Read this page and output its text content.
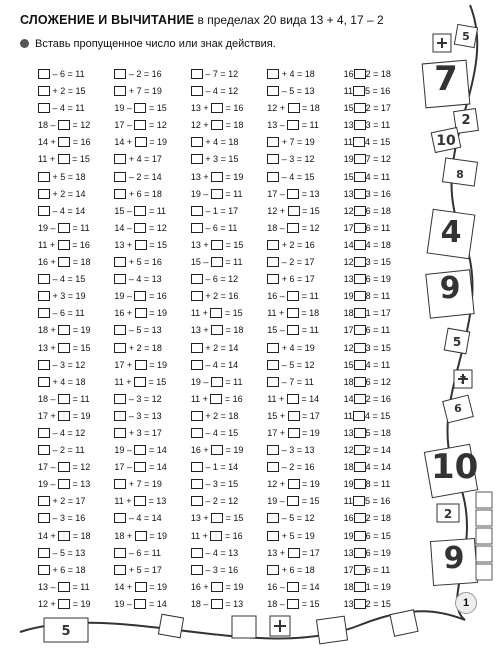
СЛОЖЕНИЕ И ВЫЧИТАНИЕ в пределах 20 вида 13 + 4, 17 – 2
Вставь пропущенное число или знак действия.
– 6 = 11
+ 2 = 15
– 4 = 11
18 –  = 12
14 +  = 16
11 +  = 15
+ 5 = 18
+ 2 = 14
– 4 = 14
19 –  = 11
11 +  = 16
16 +  = 18
– 4 = 15
+ 3 = 19
– 6 = 11
18 +  = 19
13 +  = 15
– 3 = 12
+ 4 = 18
18 –  = 11
17 +  = 19
– 4 = 12
– 2 = 11
17 –  = 12
19 –  = 13
+ 2 = 17
– 3 = 16
14 +  = 18
– 5 = 13
+ 6 = 18
13 –  = 11
12 +  = 19
– 2 = 16
+ 7 = 19
19 –  = 15
17 –  = 12
14 +  = 19
+ 4 = 17
– 2 = 14
+ 6 = 18
15 –  = 11
14 –  = 12
13 +  = 15
+ 5 = 16
– 4 = 13
19 –  = 16
16 +  = 19
– 5 = 13
+ 2 = 18
17 +  = 19
11 +  = 15
– 3 = 12
– 3 = 13
+ 3 = 17
19 –  = 14
17 –  = 14
+ 7 = 19
11 +  = 13
– 4 = 14
18 +  = 19
– 6 = 11
+ 5 = 17
14 +  = 19
19 –  = 14
– 7 = 12
– 4 = 12
13 +  = 16
12 +  = 18
+ 4 = 18
+ 3 = 15
13 +  = 19
19 –  = 11
– 1 = 17
– 6 = 11
13 +  = 15
15 –  = 11
– 6 = 12
+ 2 = 16
11 +  = 15
13 +  = 18
+ 2 = 14
– 4 = 14
19 –  = 11
11 +  = 16
+ 2 = 18
– 4 = 15
16 +  = 19
– 1 = 14
– 3 = 15
– 2 = 12
13 +  = 15
11 +  = 16
– 4 = 13
– 3 = 16
16 +  = 19
18 –  = 13
+ 4 = 18
– 5 = 13
12 +  = 18
13 –  = 11
+ 7 = 19
– 3 = 12
– 4 = 15
17 –  = 13
12 +  = 15
18 –  = 12
+ 2 = 16
– 2 = 17
+ 6 = 17
16 –  = 11
11 +  = 18
15 –  = 11
+ 4 = 19
– 5 = 12
– 7 = 11
11 +  = 14
15 +  = 17
17 +  = 19
– 3 = 13
– 2 = 16
12 +  = 19
19 –  = 15
– 5 = 12
+ 5 = 19
13 +  = 17
+ 6 = 18
16 –  = 14
18 –  = 15
16 2 = 18
11 5 = 16
15 2 = 17
13 3 = 11
11 4 = 15
19 7 = 12
15 4 = 11
13 3 = 16
12 6 = 18
17 6 = 11
14 4 = 18
12 3 = 15
13 6 = 19
19 8 = 11
18 1 = 17
17 6 = 11
12 3 = 15
15 4 = 11
18 6 = 12
14 2 = 16
11 4 = 15
13 5 = 18
12 2 = 14
18 4 = 14
19 8 = 11
11 5 = 16
16 2 = 18
19 6 = 15
13 6 = 19
17 6 = 11
18 1 = 19
13 2 = 15
5
7
2
10
8
4
9
5
7
6
10
2
9
5
1
